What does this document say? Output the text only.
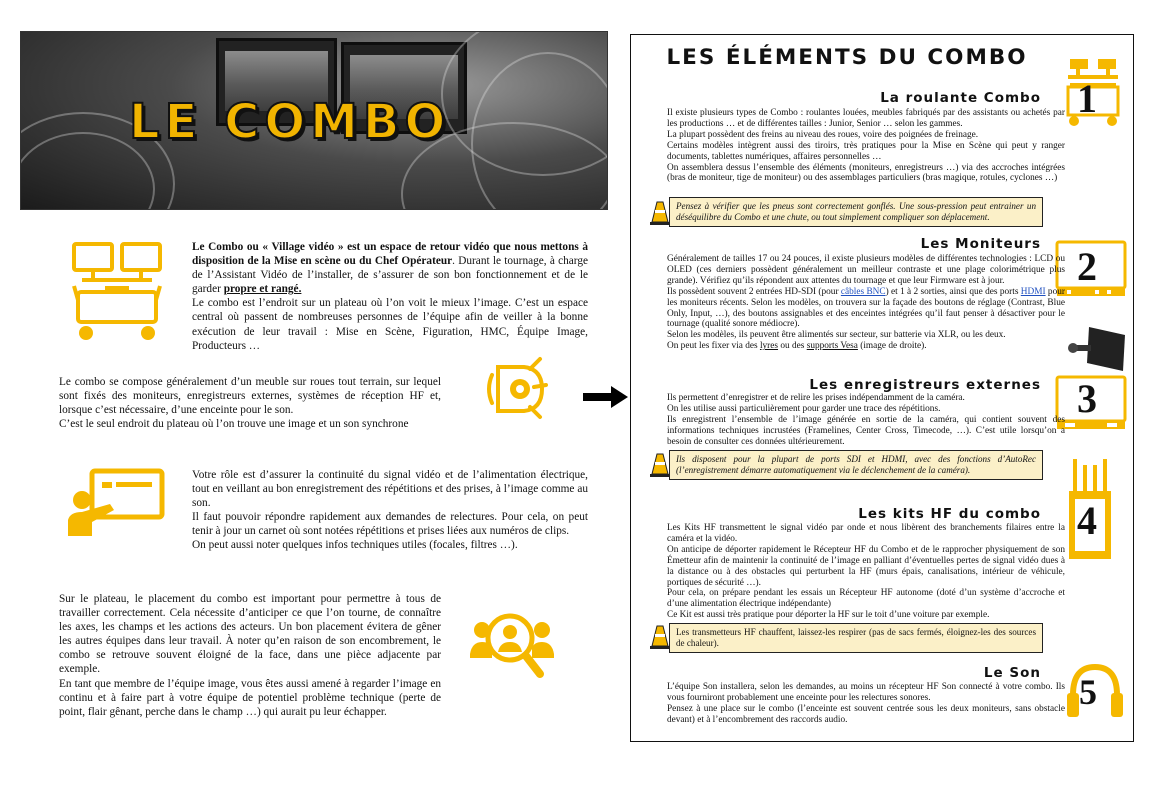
LE COMBO

Le Combo ou « Village vidéo » est un espace de retour vidéo que nous mettons à disposition de la Mise en scène ou du Chef Opérateur. Durant le tournage, à charge de l’Assistant Vidéo de l’installer, de s’assurer de son bon fonctionnement et de le garder propre et rangé.

Le combo est l’endroit sur un plateau où l’on voit le mieux l’image. C’est un espace central où passent de nombreuses personnes de l’équipe afin de veiller à la bonne exécution de leur travail : Mise en Scène, Figuration, HMC, Équipe Image, Producteurs …

Le combo se compose généralement d’un meuble sur roues tout terrain, sur lequel sont fixés des moniteurs, enregistreurs externes, systèmes de réception HF et, lorsque c’est nécessaire, d’une enceinte pour le son.

C’est le seul endroit du plateau où l’on trouve une image et un son synchrone

Votre rôle est d’assurer la continuité du signal vidéo et de l’alimentation électrique, tout en veillant au bon enregistrement des répétitions et des prises, à l’image comme au son.

Il faut pouvoir répondre rapidement aux demandes de relectures. Pour cela, on peut tenir à jour un carnet où sont notées répétitions et prises liées aux numéros de clips.

On peut aussi noter quelques infos techniques utiles (focales, filtres …).

Sur le plateau, le placement du combo est important pour permettre à tous de travailler correctement. Cela nécessite d’anticiper ce que l’on tourne, de connaître les axes, les champs et les actions des acteurs. Un bon placement évitera de gêner les autres équipes dans leur travail. À noter qu’en raison de son encombrement, le combo se retrouve souvent éloigné de la face, dans une pièce adjacente par exemple.

En tant que membre de l’équipe image, vous êtes aussi amené à regarder l’image en continu et à faire part à votre équipe de potentiel problème technique (perte de point, flair gênant, perche dans le champ …) qui aurait pu leur échapper.

LES ÉLÉMENTS DU COMBO
La roulante Combo 1

Il existe plusieurs types de Combo : roulantes louées, meubles fabriqués par des assistants ou achetés par les productions … et de différentes tailles : Junior, Senior … selon les gammes.

La plupart possèdent des freins au niveau des roues, voire des poignées de freinage.

Certains modèles intègrent aussi des tiroirs, très pratiques pour la Mise en Scène qui peut y ranger documents, tablettes numériques, affaires personnelles …

On assemblera dessus l’ensemble des éléments (moniteurs, enregistreurs …) via des accroches intégrées (bras de moniteur, tige de moniteur) ou des assemblages particuliers (bras magique, rotules, cyclones …)

Pensez à vérifier que les pneus sont correctement gonflés. Une sous-pression peut entrainer un déséquilibre du Combo et une chute, ou tout simplement compliquer son déplacement.
Les Moniteurs 2

Généralement de tailles 17 ou 24 pouces, il existe plusieurs modèles de différentes technologies : LCD ou OLED (ces derniers possèdent généralement un meilleur contraste et une plage colorimétrique plus grande). Vérifiez qu’ils répondent aux attentes du tournage et que leur Firmware est à jour.

Ils possèdent souvent 2 entrées HD-SDI (pour câbles BNC) et 1 à 2 sorties, ainsi que des ports HDMI pour les moniteurs récents. Selon les modèles, on trouvera sur la façade des boutons de réglage (Contrast, Blue Only, Input, …), des boutons assignables et des enceintes intégrées qu’il faut penser à désactiver pour le tournage (qualité sonore médiocre).

Selon les modèles, ils peuvent être alimentés sur secteur, sur batterie via XLR, ou les deux.

On peut les fixer via des lyres ou des supports Vesa (image de droite).

Les enregistreurs externes 3

Ils permettent d’enregistrer et de relire les prises indépendamment de la caméra.

On les utilise aussi particulièrement pour garder une trace des répétitions.

Ils enregistrent l’ensemble de l’image générée en sortie de la caméra, qui contient souvent des informations techniques incrustées (Framelines, Center Cross, Timecode, …). C’est utile lorsqu’on a besoin de consulter ces données ultérieurement.

Ils disposent pour la plupart de ports SDI et HDMI, avec des fonctions d’AutoRec (l’enregistrement démarre automatiquement via le déclenchement de la caméra).
Les kits HF du combo 4

Les Kits HF transmettent le signal vidéo par onde et nous libèrent des branchements filaires entre la caméra et la vidéo.

On anticipe de déporter rapidement le Récepteur HF du Combo et de le rapprocher physiquement de son Émetteur afin de maintenir la continuité de l’image en palliant d’éventuelles pertes de signal vidéo dues à la distance ou à des obstacles qui perturbent la HF (murs épais, canalisations, intérieur de véhicule, portiques de sécurité …).

Pour cela, on prépare pendant les essais un Récepteur HF autonome (doté d’un système d’accroche et d’une alimentation électrique indépendante)

Ce Kit est aussi très pratique pour déporter la HF sur le toit d’une voiture par exemple.

Les transmetteurs HF chauffent, laissez-les respirer (pas de sacs fermés, éloignez-les des sources de chaleur).
Le Son 5

L’équipe Son installera, selon les demandes, au moins un récepteur HF Son connecté à votre combo. Ils vous fourniront probablement une enceinte pour les relectures sonores.

Pensez à une place sur le combo (l’enceinte est souvent centrée sous les deux moniteurs, sans obstacle devant) et à l’encombrement des raccords audio.
